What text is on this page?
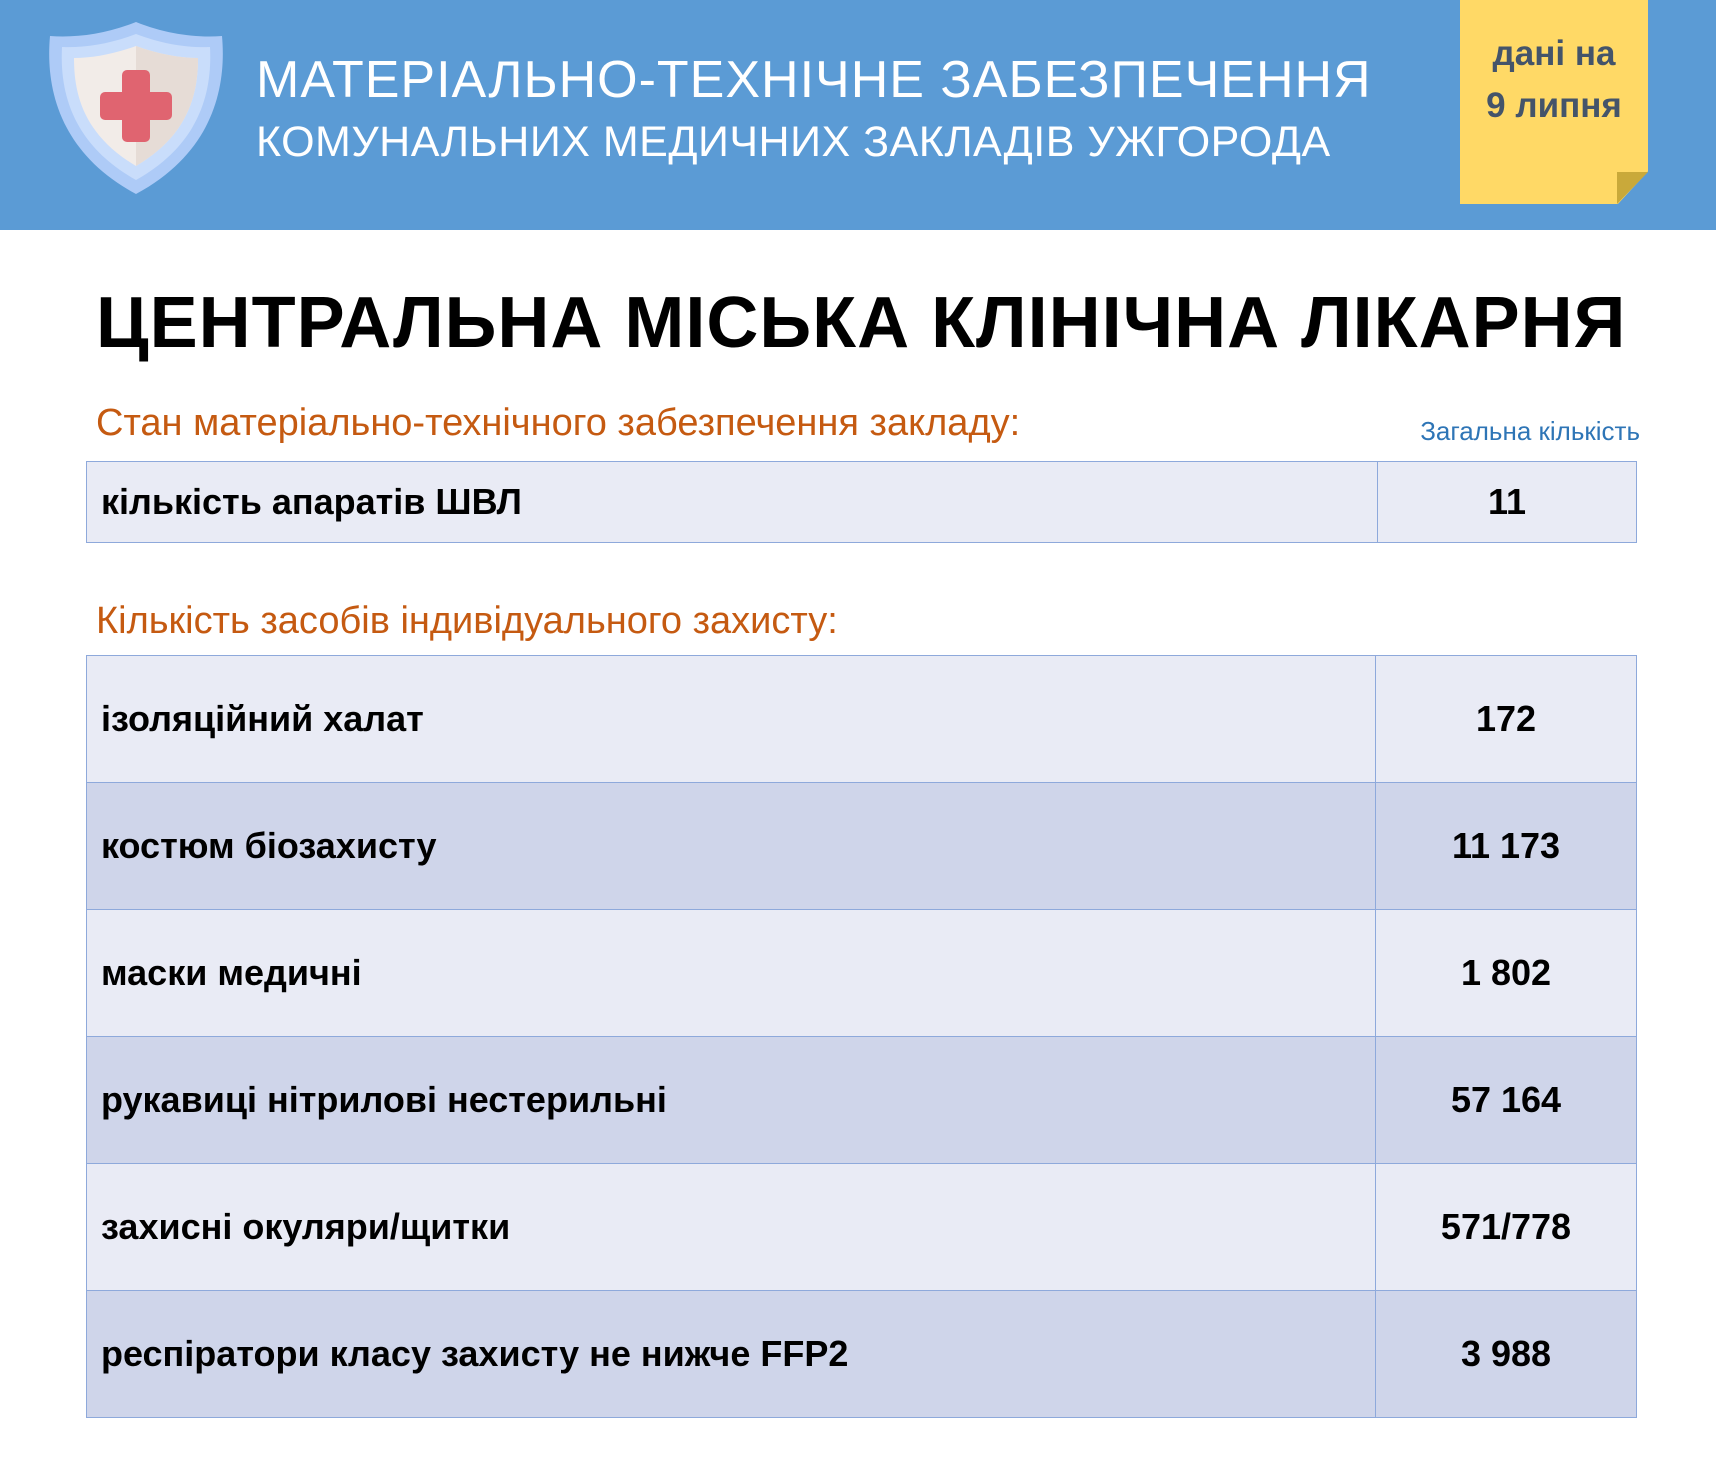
МАТЕРІАЛЬНО-ТЕХНІЧНЕ ЗАБЕЗПЕЧЕННЯ
КОМУНАЛЬНИХ МЕДИЧНИХ ЗАКЛАДІВ УЖГОРОДА
дані на
9 липня
ЦЕНТРАЛЬНА МІСЬКА КЛІНІЧНА ЛІКАРНЯ
Стан матеріально-технічного забезпечення закладу:	Загальна кількість
кількість апаратів ШВЛ	11
Кількість засобів індивідуального захисту:
ізоляційний халат	172
костюм біозахисту	11 173
маски медичні	1 802
рукавиці нітрилові нестерильні	57 164
захисні окуляри/щитки	571/778
респіратори класу захисту не нижче FFP2	3 988
